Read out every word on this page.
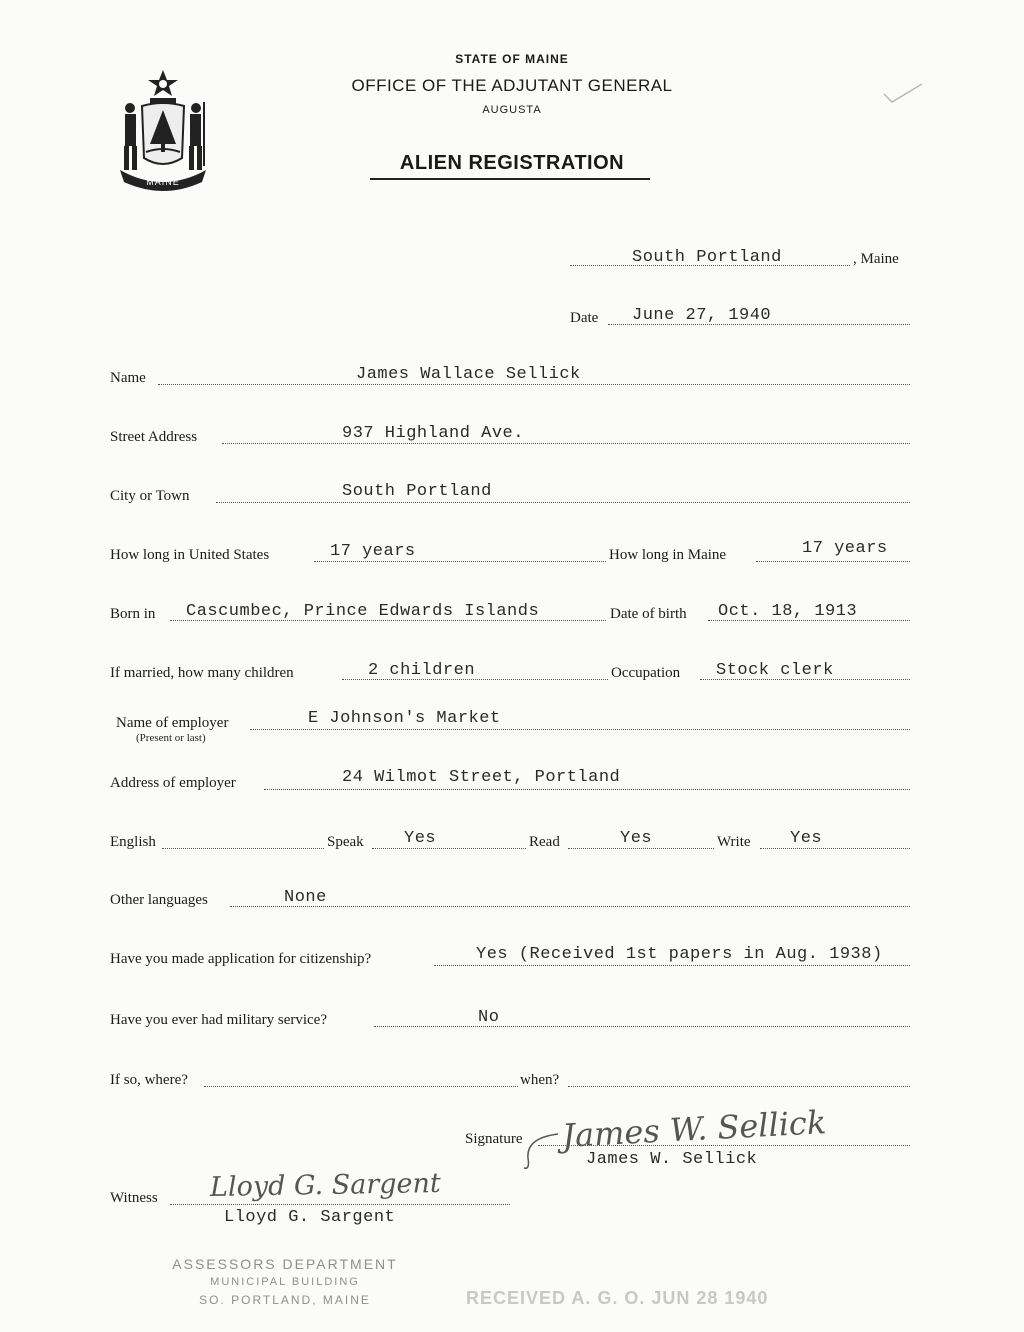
MAINE
STATE OF MAINE
OFFICE OF THE ADJUTANT GENERAL
AUGUSTA
ALIEN REGISTRATION
South Portland	, Maine
Date June 27, 1940
Name	James Wallace Sellick
Street Address	937 Highland Ave.
City or Town	South Portland
How long in United States	17 years	How long in Maine	17 years
Born in Cascumbec, Prince Edwards Islands	Date of birth Oct. 18, 1913
If married, how many children	2 children	Occupation Stock clerk
Name of employer
(Present or last)
E Johnson's Market
Address of employer	24 Wilmot Street, Portland
English	Speak Yes	Read	Yes	Write Yes
Other languages	None
Have you made application for citizenship?	Yes (Received 1st papers in Aug. 1938)
Have you ever had military service?	No
If so, where?	when?
Signature James W. Sellick
James W. Sellick
Witness Lloyd G. Sargent
Lloyd G. Sargent
ASSESSORS DEPARTMENT
MUNICIPAL BUILDING
SO. PORTLAND, MAINE	RECEIVED A. G. O. JUN 28 1940
